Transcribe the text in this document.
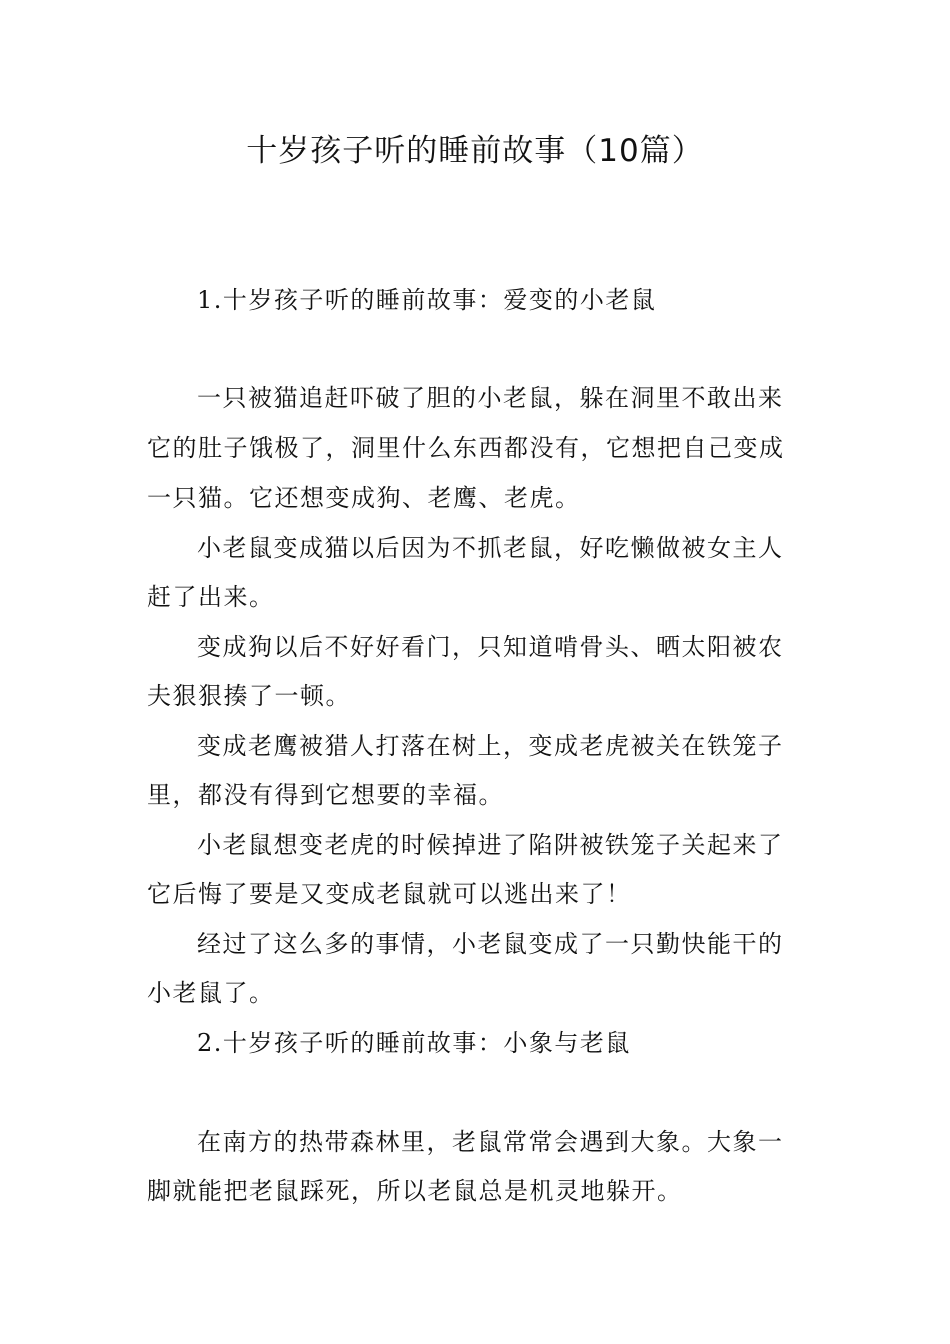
十岁孩子听的睡前故事（10篇）

1.十岁孩子听的睡前故事：爱变的小老鼠

一只被猫追赶吓破了胆的小老鼠，躲在洞里不敢出来

它的肚子饿极了，洞里什么东西都没有，它想把自己变成

一只猫。它还想变成狗、老鹰、老虎。

小老鼠变成猫以后因为不抓老鼠，好吃懒做被女主人

赶了出来。

变成狗以后不好好看门，只知道啃骨头、晒太阳被农

夫狠狠揍了一顿。

变成老鹰被猎人打落在树上，变成老虎被关在铁笼子

里，都没有得到它想要的幸福。

小老鼠想变老虎的时候掉进了陷阱被铁笼子关起来了

它后悔了要是又变成老鼠就可以逃出来了！

经过了这么多的事情，小老鼠变成了一只勤快能干的

小老鼠了。

2.十岁孩子听的睡前故事：小象与老鼠

在南方的热带森林里，老鼠常常会遇到大象。大象一

脚就能把老鼠踩死，所以老鼠总是机灵地躲开。
